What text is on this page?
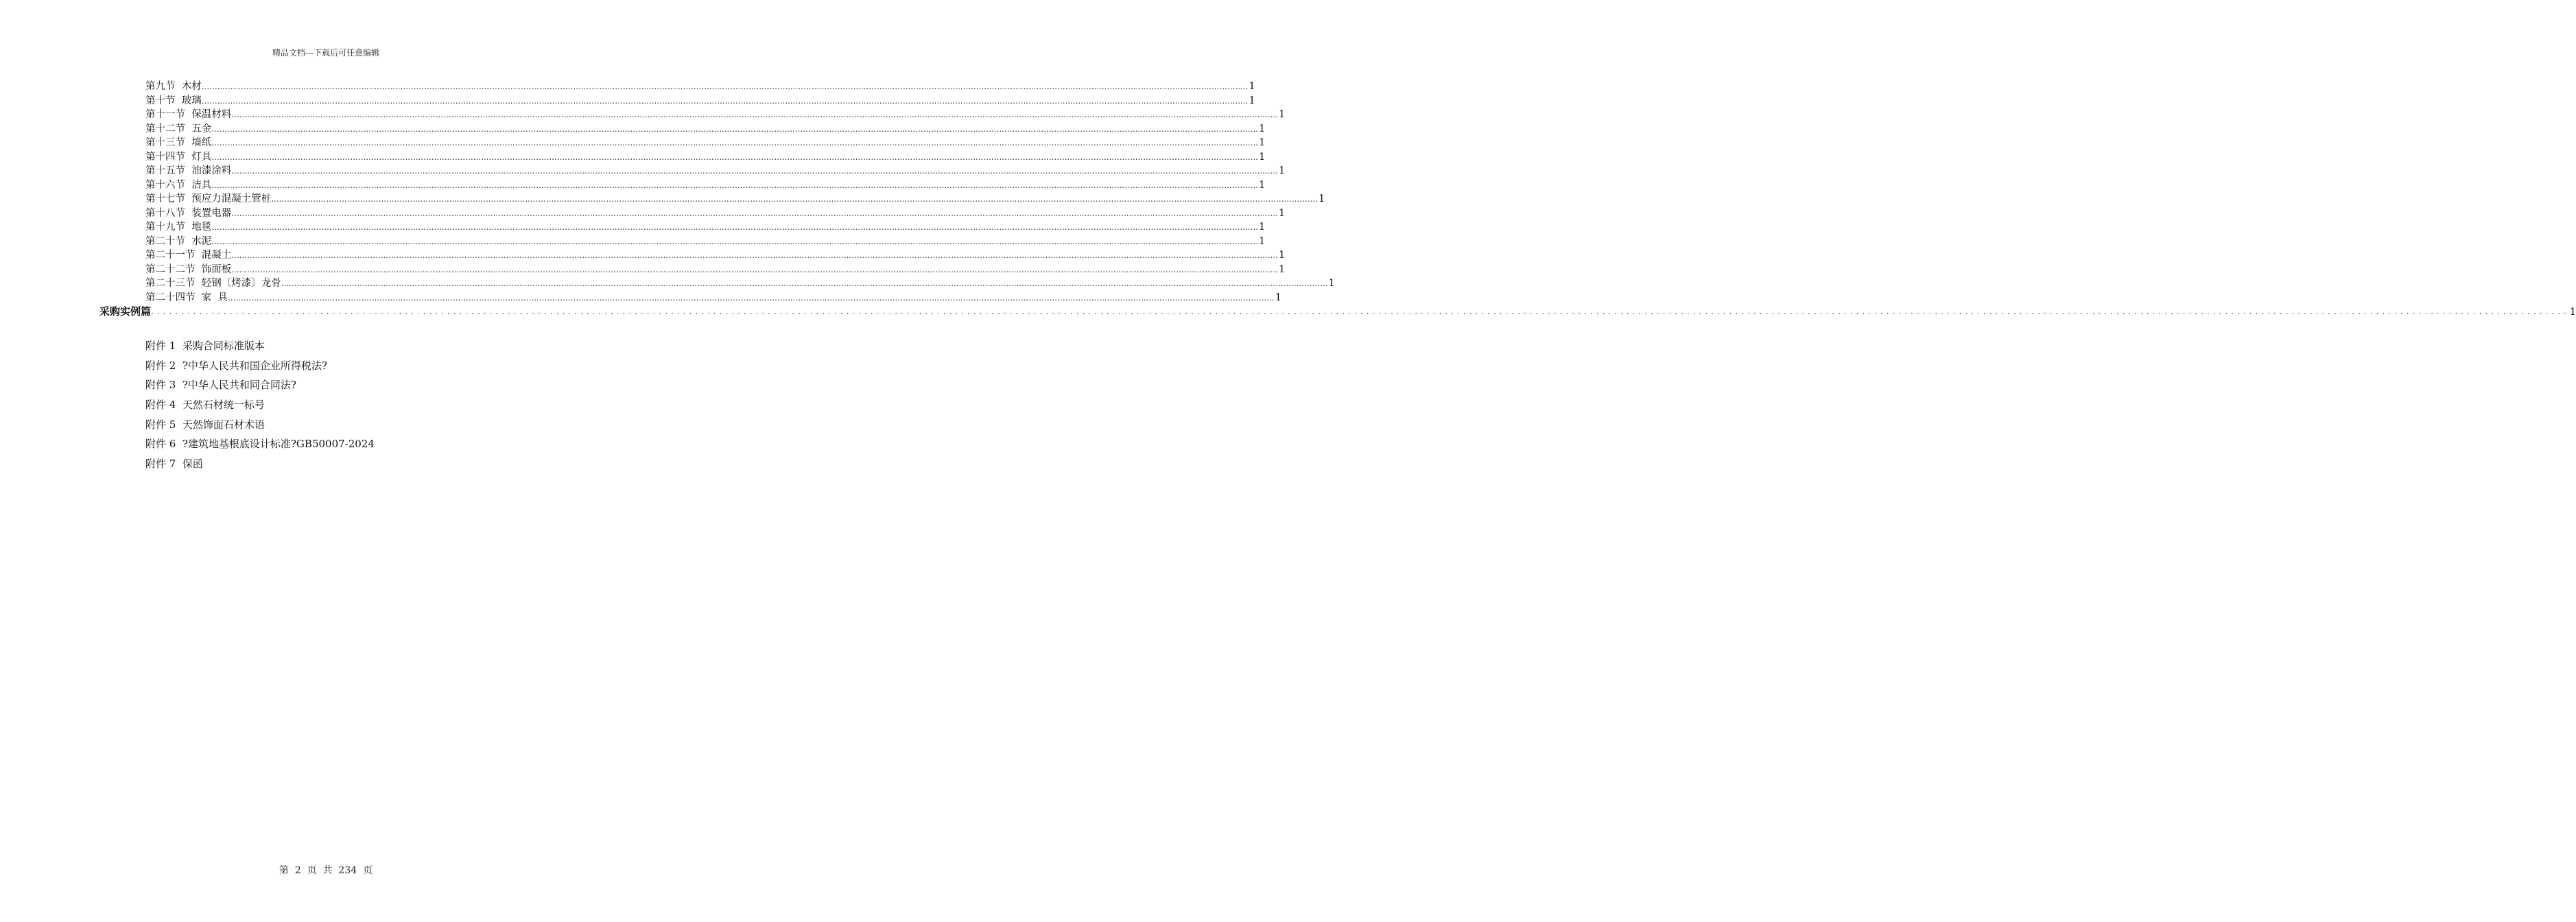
精品文档---下载后可任意编辑
第九节  木材 ................................................................................................................................................................................................................................................................................................................................................................................................................ 1
第十节  玻璃 ................................................................................................................................................................................................................................................................................................................................................................................................................ 1
第十一节  保温材料 ................................................................................................................................................................................................................................................................................................................................................................................................................ 1
第十二节  五金 ................................................................................................................................................................................................................................................................................................................................................................................................................ 1
第十三节  墙纸 ................................................................................................................................................................................................................................................................................................................................................................................................................ 1
第十四节  灯具 ................................................................................................................................................................................................................................................................................................................................................................................................................ 1
第十五节  油漆涂料 ................................................................................................................................................................................................................................................................................................................................................................................................................ 1
第十六节  洁具 ................................................................................................................................................................................................................................................................................................................................................................................................................ 1
第十七节  预应力混凝土管桩 ................................................................................................................................................................................................................................................................................................................................................................................................................ 1
第十八节  装置电器 ................................................................................................................................................................................................................................................................................................................................................................................................................ 1
第十九节  地毯 ................................................................................................................................................................................................................................................................................................................................................................................................................ 1
第二十节  水泥 ................................................................................................................................................................................................................................................................................................................................................................................................................ 1
第二十一节  混凝土 ................................................................................................................................................................................................................................................................................................................................................................................................................ 1
第二十二节  饰面板 ................................................................................................................................................................................................................................................................................................................................................................................................................ 1
第二十三节  轻钢〔烤漆〕龙骨 ................................................................................................................................................................................................................................................................................................................................................................................................................ 1
第二十四节  家  具 ................................................................................................................................................................................................................................................................................................................................................................................................................ 1
采购实例篇 ................................................................................................................................................................................................................................................................................................................................................................................................................ 1
附件 1  采购合同标准版本
附件 2  ?中华人民共和国企业所得税法?
附件 3  ?中华人民共和同合同法?
附件 4  天然石材统一标号
附件 5  天然饰面石材术语
附件 6  ?建筑地基根底设计标准?GB50007-2024
附件 7  保函
第  2  页  共  234  页
